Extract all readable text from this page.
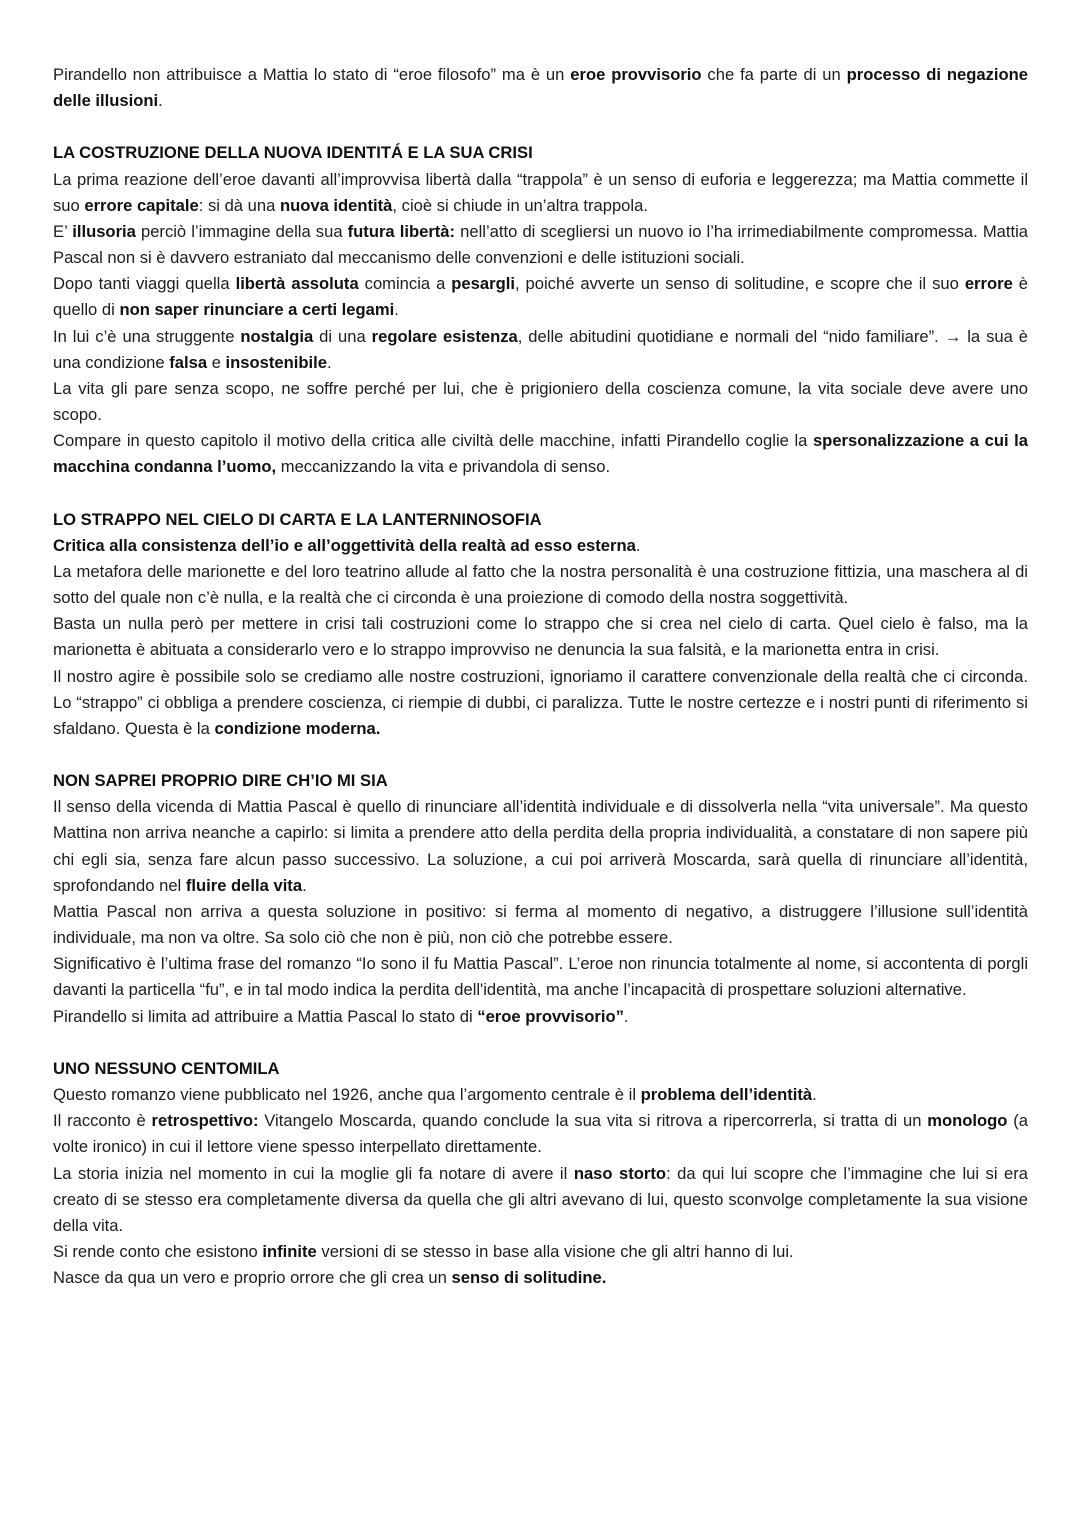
Pirandello non attribuisce a Mattia lo stato di “eroe filosofo” ma è un eroe provvisorio che fa parte di un processo di negazione delle illusioni.

LA COSTRUZIONE DELLA NUOVA IDENTITÁ E LA SUA CRISI

La prima reazione dell’eroe davanti all’improvvisa libertà dalla “trappola” è un senso di euforia e leggerezza; ma Mattia commette il suo errore capitale: si dà una nuova identità, cioè si chiude in un’altra trappola.

E’ illusoria perciò l’immagine della sua futura libertà: nell’atto di scegliersi un nuovo io l’ha irrimediabilmente compromessa. Mattia Pascal non si è davvero estraniato dal meccanismo delle convenzioni e delle istituzioni sociali.

Dopo tanti viaggi quella libertà assoluta comincia a pesargli, poiché avverte un senso di solitudine, e scopre che il suo errore è quello di non saper rinunciare a certi legami.

In lui c’è una struggente nostalgia di una regolare esistenza, delle abitudini quotidiane e normali del “nido familiare”. → la sua è una condizione falsa e insostenibile.

La vita gli pare senza scopo, ne soffre perché per lui, che è prigioniero della coscienza comune, la vita sociale deve avere uno scopo.

Compare in questo capitolo il motivo della critica alle civiltà delle macchine, infatti Pirandello coglie la spersonalizzazione a cui la macchina condanna l’uomo, meccanizzando la vita e privandola di senso.

LO STRAPPO NEL CIELO DI CARTA E LA LANTERNINOSOFIA

Critica alla consistenza dell’io e all’oggettività della realtà ad esso esterna.

La metafora delle marionette e del loro teatrino allude al fatto che la nostra personalità è una costruzione fittizia, una maschera al di sotto del quale non c’è nulla, e la realtà che ci circonda è una proiezione di comodo della nostra soggettività.

Basta un nulla però per mettere in crisi tali costruzioni come lo strappo che si crea nel cielo di carta. Quel cielo è falso, ma la marionetta è abituata a considerarlo vero e lo strappo improvviso ne denuncia la sua falsità, e la marionetta entra in crisi.

Il nostro agire è possibile solo se crediamo alle nostre costruzioni, ignoriamo il carattere convenzionale della realtà che ci circonda. Lo “strappo” ci obbliga a prendere coscienza, ci riempie di dubbi, ci paralizza. Tutte le nostre certezze e i nostri punti di riferimento si sfaldano. Questa è la condizione moderna.

NON SAPREI PROPRIO DIRE CH’IO MI SIA

Il senso della vicenda di Mattia Pascal è quello di rinunciare all’identità individuale e di dissolverla nella “vita universale”. Ma questo Mattina non arriva neanche a capirlo: si limita a prendere atto della perdita della propria individualità, a constatare di non sapere più chi egli sia, senza fare alcun passo successivo. La soluzione, a cui poi arriverà Moscarda, sarà quella di rinunciare all’identità, sprofondando nel fluire della vita.

Mattia Pascal non arriva a questa soluzione in positivo: si ferma al momento di negativo, a distruggere l’illusione sull’identità individuale, ma non va oltre. Sa solo ciò che non è più, non ciò che potrebbe essere.

Significativo è l’ultima frase del romanzo “Io sono il fu Mattia Pascal”. L’eroe non rinuncia totalmente al nome, si accontenta di porgli davanti la particella “fu”, e in tal modo indica la perdita dell'identità, ma anche l’incapacità di prospettare soluzioni alternative.

Pirandello si limita ad attribuire a Mattia Pascal lo stato di “eroe provvisorio”.

UNO NESSUNO CENTOMILA

Questo romanzo viene pubblicato nel 1926, anche qua l’argomento centrale è il problema dell’identità.

Il racconto è retrospettivo: Vitangelo Moscarda, quando conclude la sua vita si ritrova a ripercorrerla, si tratta di un monologo (a volte ironico) in cui il lettore viene spesso interpellato direttamente.

La storia inizia nel momento in cui la moglie gli fa notare di avere il naso storto: da qui lui scopre che l’immagine che lui si era creato di se stesso era completamente diversa da quella che gli altri avevano di lui, questo sconvolge completamente la sua visione della vita.

Si rende conto che esistono infinite versioni di se stesso in base alla visione che gli altri hanno di lui.

Nasce da qua un vero e proprio orrore che gli crea un senso di solitudine.
